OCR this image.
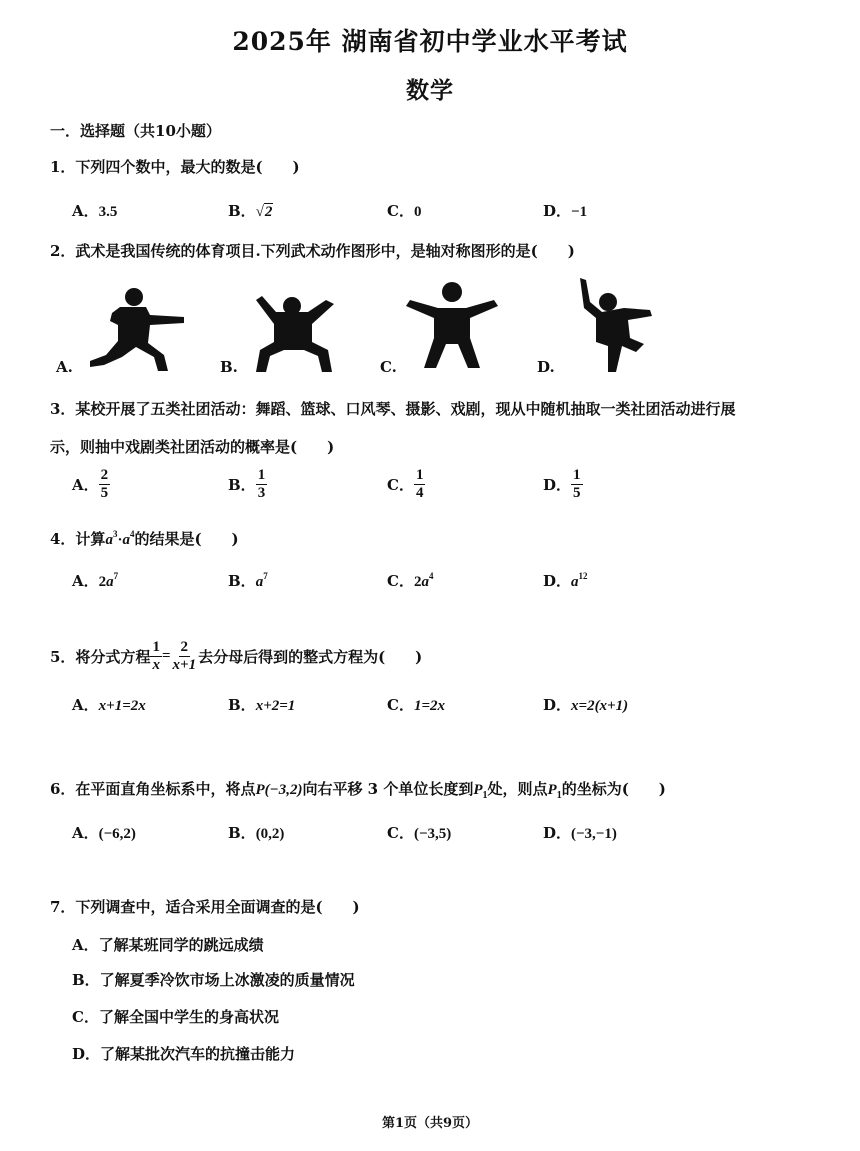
2025年 湖南省初中学业水平考试
数学
一．选择题（共10小题）
1．下列四个数中，最大的数是(　　)
A．3.5	B．√2	C．0	D．−1
2．武术是我国传统的体育项目.下列武术动作图形中，是轴对称图形的是(　　)
A.	B.	C.	D.
3．某校开展了五类社团活动：舞蹈、篮球、口风琴、摄影、戏剧，现从中随机抽取一类社团活动进行展
示，则抽中戏剧类社团活动的概率是(　　)
A． $\frac{2}{5}$	B． $\frac{1}{3}$	C． $\frac{1}{4}$	D． $\frac{1}{5}$
4．计算$a^3\cdot a^4$的结果是(　　)
A．$2a^7$	B．$a^7$	C．$2a^4$	D．$a^{12}$
5．将分式方程 $\frac{1}{x} = \frac{2}{x+1}$ 去分母后得到的整式方程为(　　)
A．x+1=2x	B．x+2=1	C．1=2x	D．x=2(x+1)
6．在平面直角坐标系中，将点P(−3,2)向右平移 3 个单位长度到$P_1$处，则点$P_1$的坐标为(　　)
A．(−6,2)	B．(0,2)	C．(−3,5)	D．(−3,−1)
7．下列调查中，适合采用全面调查的是(　　)
A．了解某班同学的跳远成绩
B．了解夏季冷饮市场上冰激凌的质量情况
C．了解全国中学生的身高状况
D．了解某批次汽车的抗撞击能力
第1页（共9页）
